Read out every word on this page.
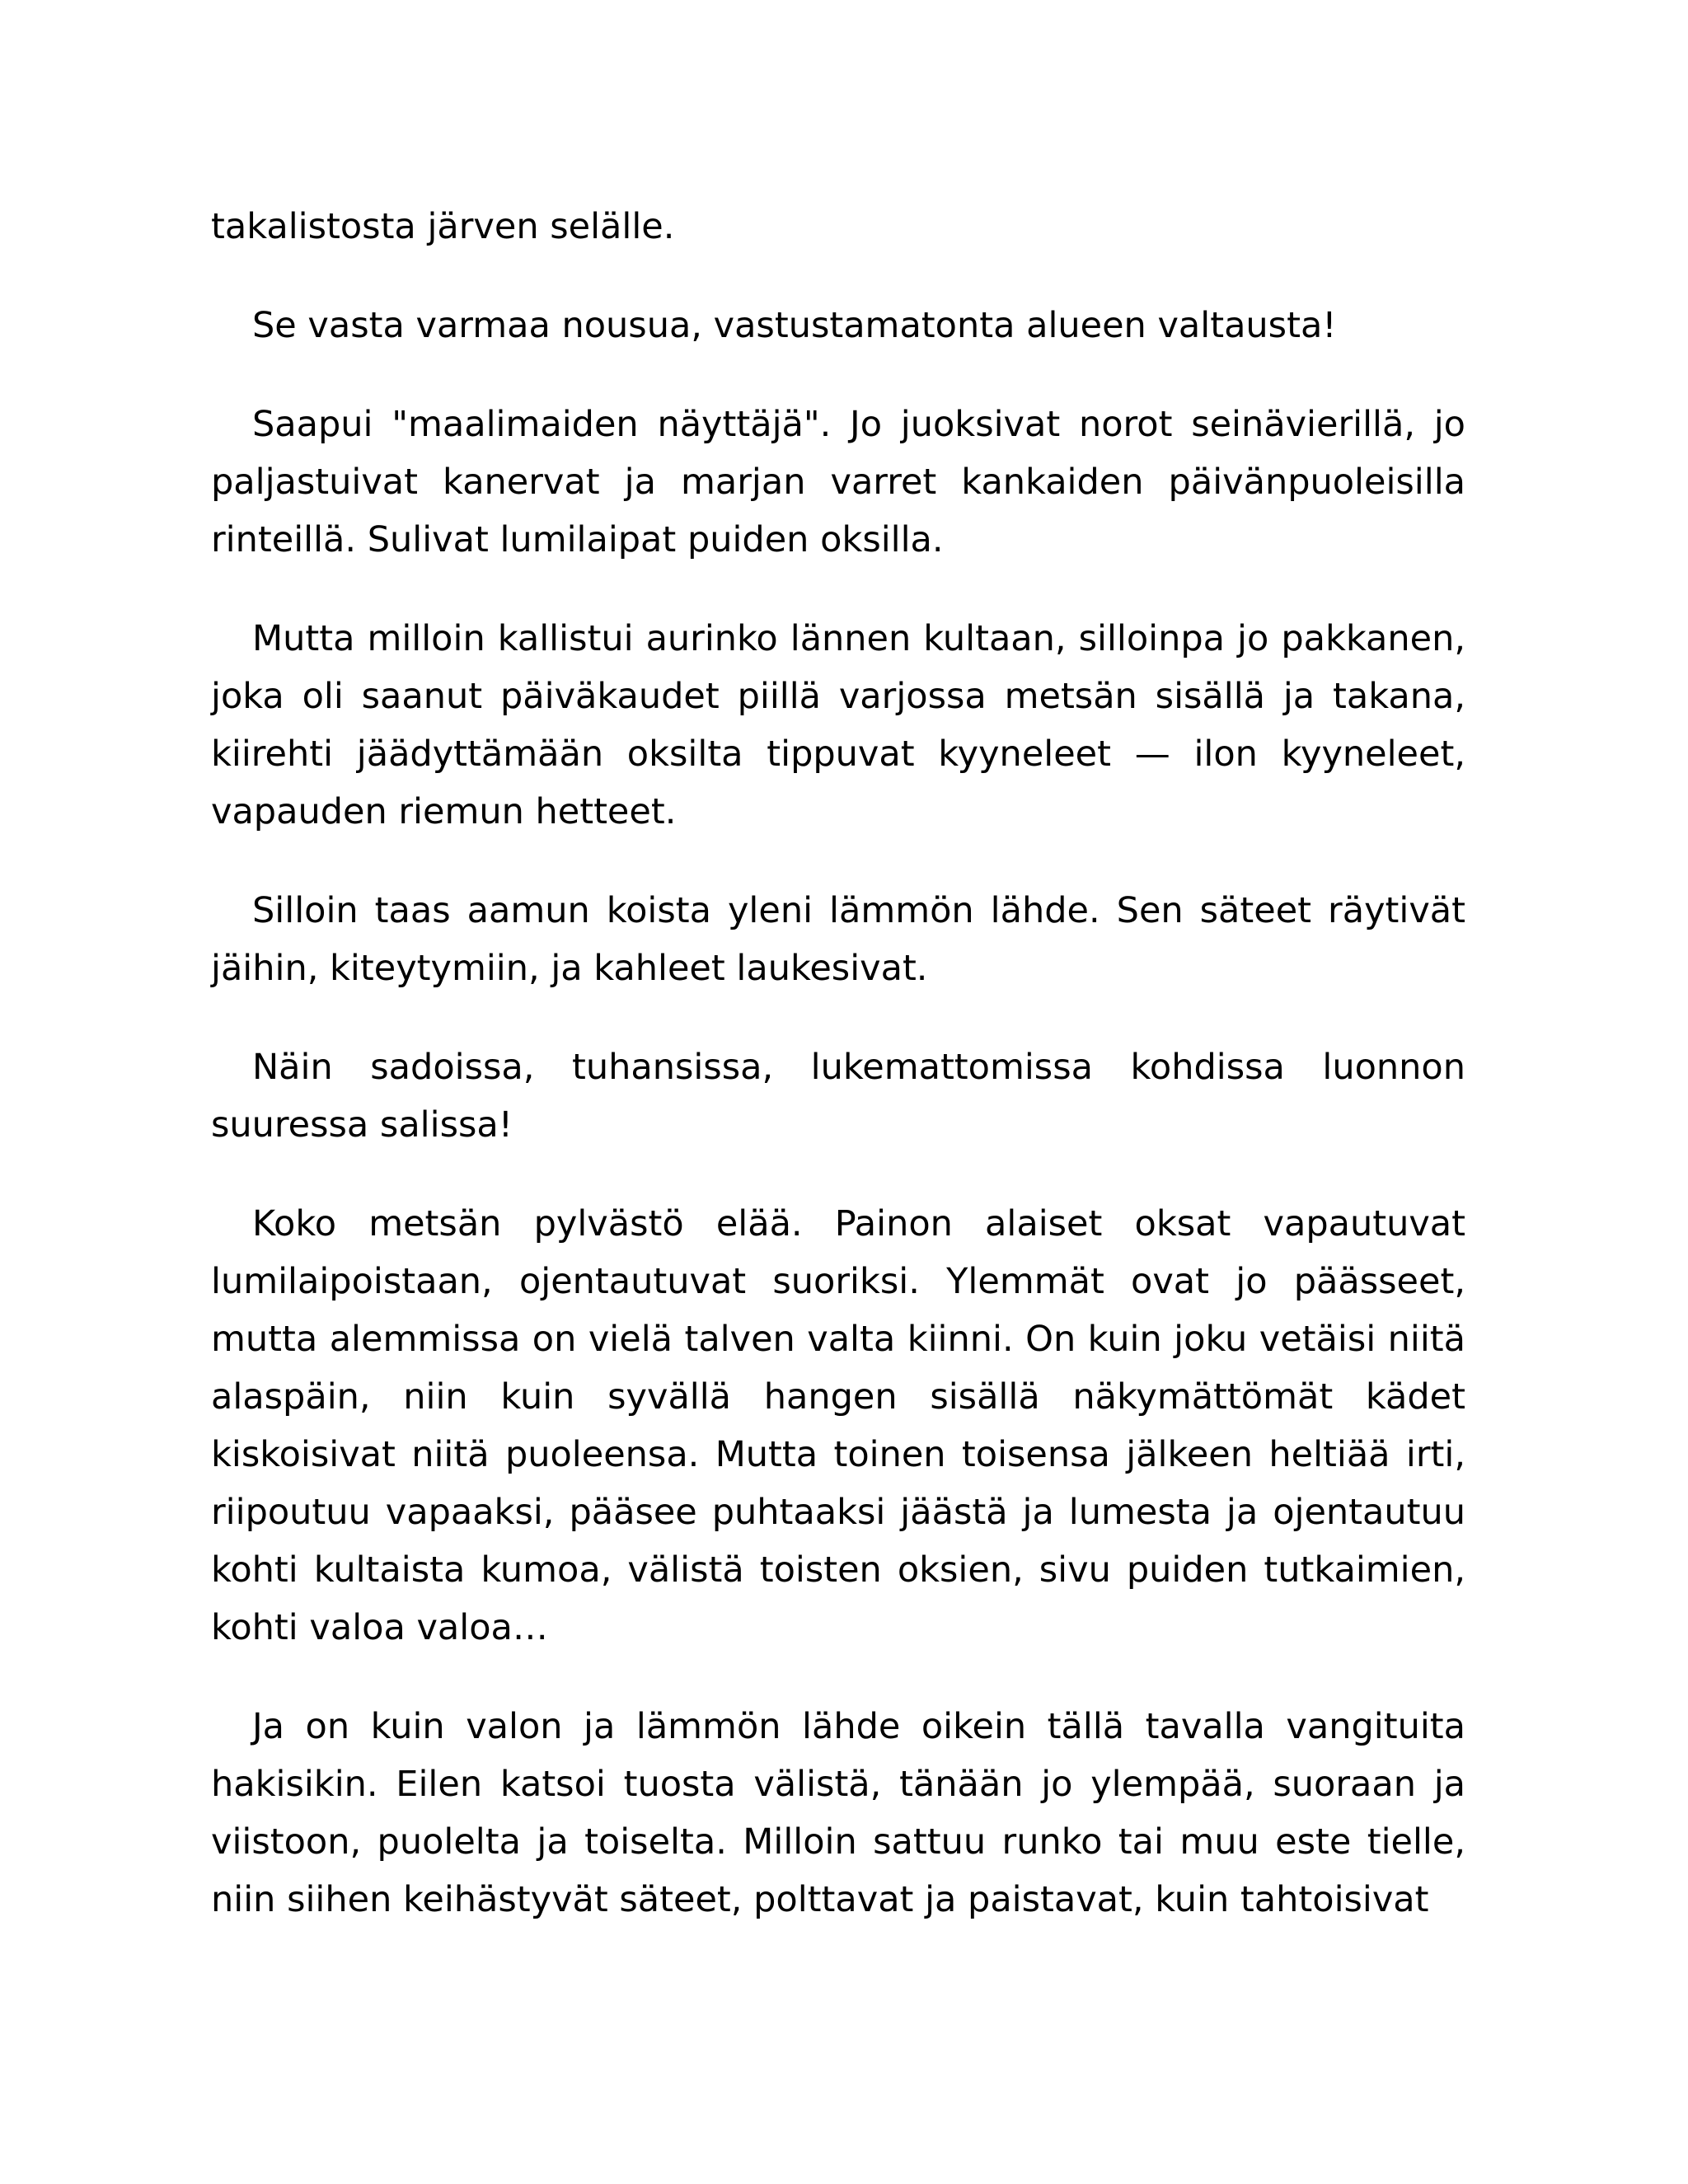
takalistosta järven selälle.

Se vasta varmaa nousua, vastustamatonta alueen valtausta!

Saapui "maalimaiden näyttäjä". Jo juoksivat norot seinävierillä, jo paljastuivat kanervat ja marjan varret kankaiden päivänpuoleisilla rinteillä. Sulivat lumilaipat puiden oksilla.

Mutta milloin kallistui aurinko lännen kultaan, silloinpa jo pakkanen, joka oli saanut päiväkaudet piillä varjossa metsän sisällä ja takana, kiirehti jäädyttämään oksilta tippuvat kyyneleet — ilon kyyneleet, vapauden riemun hetteet.

Silloin taas aamun koista yleni lämmön lähde. Sen säteet räytivät jäihin, kiteytymiin, ja kahleet laukesivat.

Näin sadoissa, tuhansissa, lukemattomissa kohdissa luonnon suuressa salissa!

Koko metsän pylvästö elää. Painon alaiset oksat vapautuvat lumilaipoistaan, ojentautuvat suoriksi. Ylemmät ovat jo päässeet, mutta alemmissa on vielä talven valta kiinni. On kuin joku vetäisi niitä alaspäin, niin kuin syvällä hangen sisällä näkymättömät kädet kiskoisivat niitä puoleensa. Mutta toinen toisensa jälkeen heltiää irti, riipoutuu vapaaksi, pääsee puhtaaksi jäästä ja lumesta ja ojentautuu kohti kultaista kumoa, välistä toisten oksien, sivu puiden tutkaimien, kohti valoa valoa…

Ja on kuin valon ja lämmön lähde oikein tällä tavalla vangituita hakisikin. Eilen katsoi tuosta välistä, tänään jo ylempää, suoraan ja viistoon, puolelta ja toiselta. Milloin sattuu runko tai muu este tielle, niin siihen keihästyvät säteet, polttavat ja paistavat, kuin tahtoisivat
